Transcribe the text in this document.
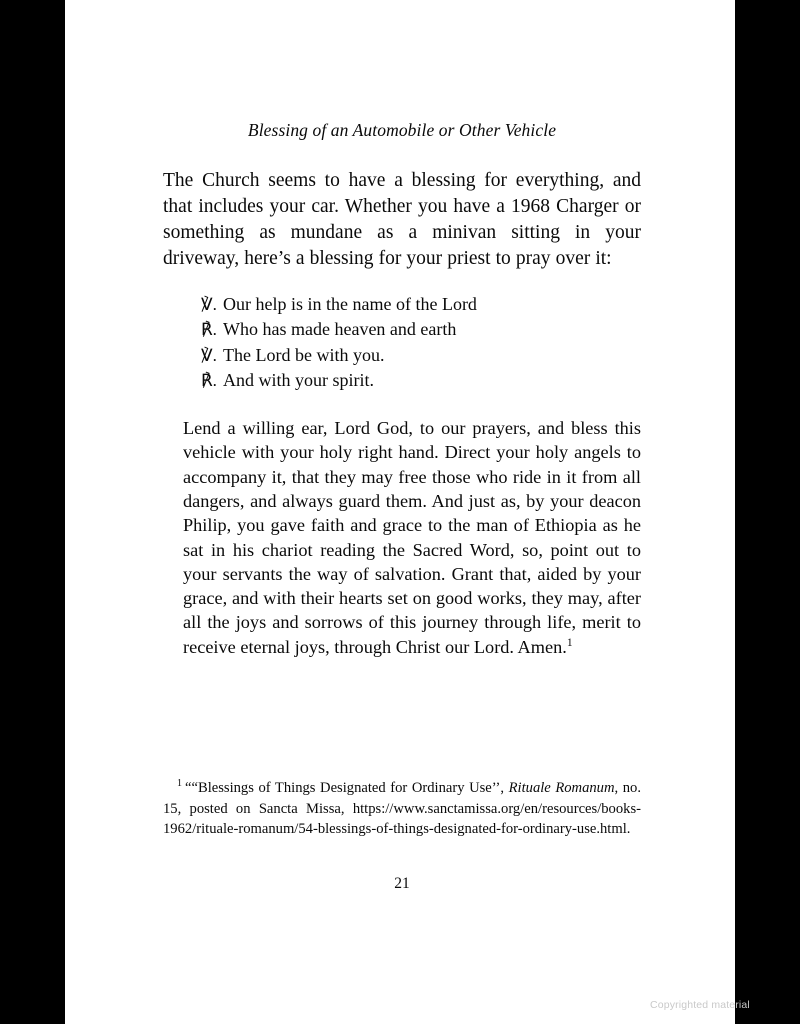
Blessing of an Automobile or Other Vehicle

The Church seems to have a blessing for everything, and that includes your car. Whether you have a 1968 Charger or something as mundane as a minivan sitting in your driveway, here’s a blessing for your priest to pray over it:

℣. Our help is in the name of the Lord
℟. Who has made heaven and earth
℣. The Lord be with you.
℟. And with your spirit.

Lend a willing ear, Lord God, to our prayers, and bless this vehicle with your holy right hand. Direct your holy angels to accompany it, that they may free those who ride in it from all dangers, and always guard them. And just as, by your deacon Philip, you gave faith and grace to the man of Ethiopia as he sat in his chariot reading the Sacred Word, so, point out to your servants the way of salvation. Grant that, aided by your grace, and with their hearts set on good works, they may, after all the joys and sorrows of this journey through life, merit to receive eternal joys, through Christ our Lord. Amen.$^1$

$^1$ ““Blessings of Things Designated for Ordinary Use’’, Rituale Romanum, no. 15, posted on Sancta Missa, https://www.sanctamissa.org/en/resources/books-1962/rituale-romanum/54-blessings-of-things-designated-for-ordinary-use.html.

21
Copyrighted material
